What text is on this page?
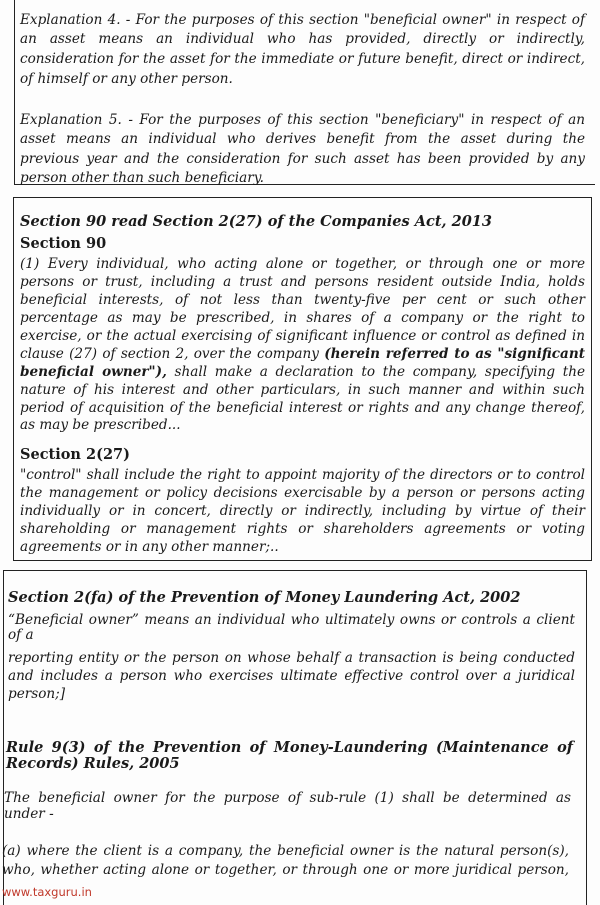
Explanation 4. - For the purposes of this section "beneficial owner" in respect of
an asset means an individual who has provided, directly or indirectly,
consideration for the asset for the immediate or future benefit, direct or indirect,
of himself or any other person.
Explanation 5. - For the purposes of this section "beneficiary" in respect of an
asset means an individual who derives benefit from the asset during the
previous year and the consideration for such asset has been provided by any
person other than such beneficiary.
Section 90 read Section 2(27) of the Companies Act, 2013
Section 90
(1) Every individual, who acting alone or together, or through one or more
persons or trust, including a trust and persons resident outside India, holds
beneficial interests, of not less than twenty-five per cent or such other
percentage as may be prescribed, in shares of a company or the right to
exercise, or the actual exercising of significant influence or control as defined in
clause (27) of section 2, over the company (herein referred to as "significant
beneficial owner"), shall make a declaration to the company, specifying the
nature of his interest and other particulars, in such manner and within such
period of acquisition of the beneficial interest or rights and any change thereof,
as may be prescribed...
Section 2(27)
"control" shall include the right to appoint majority of the directors or to control
the management or policy decisions exercisable by a person or persons acting
individually or in concert, directly or indirectly, including by virtue of their
shareholding or management rights or shareholders agreements or voting
agreements or in any other manner;..
Section 2(fa) of the Prevention of Money Laundering Act, 2002
“Beneficial owner” means an individual who ultimately owns or controls a client
of a
reporting entity or the person on whose behalf a transaction is being conducted
and includes a person who exercises ultimate effective control over a juridical
person;]
Rule 9(3) of the Prevention of Money-Laundering (Maintenance of
Records) Rules, 2005
The beneficial owner for the purpose of sub-rule (1) shall be determined as
under -
(a) where the client is a company, the beneficial owner is the natural person(s),
who, whether acting alone or together, or through one or more juridical person,
www.taxguru.in
